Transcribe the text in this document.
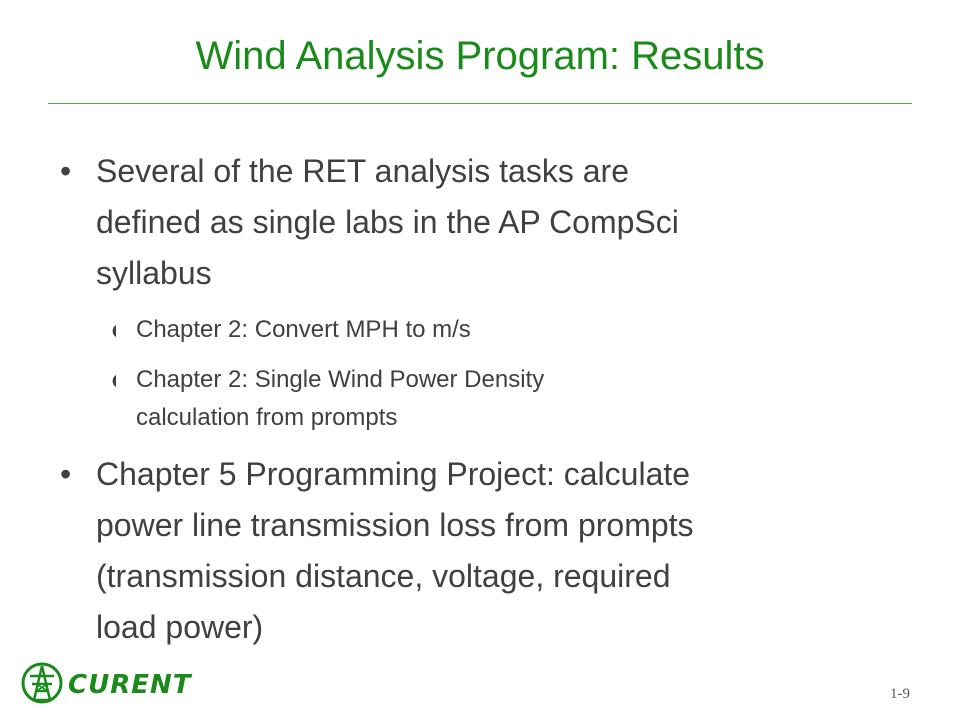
Wind Analysis Program: Results
• Several of the RET analysis tasks are
defined as single labs in the AP CompSci
syllabus
Chapter 2: Convert MPH to m/s
Chapter 2: Single Wind Power Density
calculation from prompts
• Chapter 5 Programming Project: calculate
power line transmission loss from prompts
(transmission distance, voltage, required
load power)
CURENT	1-9
